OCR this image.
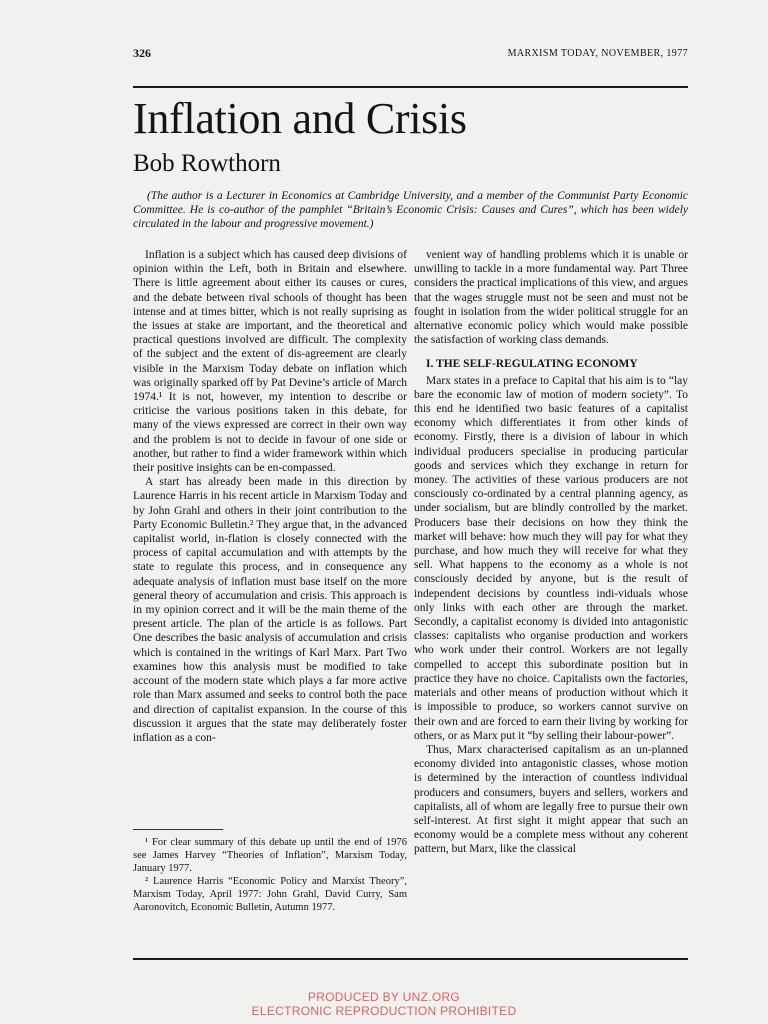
326	MARXISM TODAY, NOVEMBER, 1977
Inflation and Crisis
Bob Rowthorn

(The author is a Lecturer in Economics at Cambridge University, and a member of the Communist Party Economic Committee. He is co-author of the pamphlet “Britain’s Economic Crisis: Causes and Cures”, which has been widely circulated in the labour and progressive movement.)

Inflation is a subject which has caused deep divisions of opinion within the Left, both in Britain and elsewhere. There is little agreement about either its causes or cures, and the debate between rival schools of thought has been intense and at times bitter, which is not really suprising as the issues at stake are important, and the theoretical and practical questions involved are difficult. The complexity of the subject and the extent of dis-agreement are clearly visible in the Marxism Today debate on inflation which was originally sparked off by Pat Devine’s article of March 1974.¹ It is not, however, my intention to describe or criticise the various positions taken in this debate, for many of the views expressed are correct in their own way and the problem is not to decide in favour of one side or another, but rather to find a wider framework within which their positive insights can be en-compassed.

A start has already been made in this direction by Laurence Harris in his recent article in Marxism Today and by John Grahl and others in their joint contribution to the Party Economic Bulletin.² They argue that, in the advanced capitalist world, in-flation is closely connected with the process of capital accumulation and with attempts by the state to regulate this process, and in consequence any adequate analysis of inflation must base itself on the more general theory of accumulation and crisis. This approach is in my opinion correct and it will be the main theme of the present article. The plan of the article is as follows. Part One describes the basic analysis of accumulation and crisis which is contained in the writings of Karl Marx. Part Two examines how this analysis must be modified to take account of the modern state which plays a far more active role than Marx assumed and seeks to control both the pace and direction of capitalist expansion. In the course of this discussion it argues that the state may deliberately foster inflation as a con-

¹ For clear summary of this debate up until the end of 1976 see James Harvey “Theories of Inflation”, Marxism Today, January 1977.

² Laurence Harris “Economic Policy and Marxist Theory”, Marxism Today, April 1977: John Grahl, David Curry, Sam Aaronovitch, Economic Bulletin, Autumn 1977.

venient way of handling problems which it is unable or unwilling to tackle in a more fundamental way. Part Three considers the practical implications of this view, and argues that the wages struggle must not be seen and must not be fought in isolation from the wider political struggle for an alternative economic policy which would make possible the satisfaction of working class demands.

I. THE SELF-REGULATING ECONOMY

Marx states in a preface to Capital that his aim is to “lay bare the economic law of motion of modern society”. To this end he identified two basic features of a capitalist economy which differentiates it from other kinds of economy. Firstly, there is a division of labour in which individual producers specialise in producing particular goods and services which they exchange in return for money. The activities of these various producers are not consciously co-ordinated by a central planning agency, as under socialism, but are blindly controlled by the market. Producers base their decisions on how they think the market will behave: how much they will pay for what they purchase, and how much they will receive for what they sell. What happens to the economy as a whole is not consciously decided by anyone, but is the result of independent decisions by countless indi-viduals whose only links with each other are through the market. Secondly, a capitalist economy is divided into antagonistic classes: capitalists who organise production and workers who work under their control. Workers are not legally compelled to accept this subordinate position but in practice they have no choice. Capitalists own the factories, materials and other means of production without which it is impossible to produce, so workers cannot survive on their own and are forced to earn their living by working for others, or as Marx put it “by selling their labour-power”.

Thus, Marx characterised capitalism as an un-planned economy divided into antagonistic classes, whose motion is determined by the interaction of countless individual producers and consumers, buyers and sellers, workers and capitalists, all of whom are legally free to pursue their own self-interest. At first sight it might appear that such an economy would be a complete mess without any coherent pattern, but Marx, like the classical

PRODUCED BY UNZ.ORG
ELECTRONIC REPRODUCTION PROHIBITED
